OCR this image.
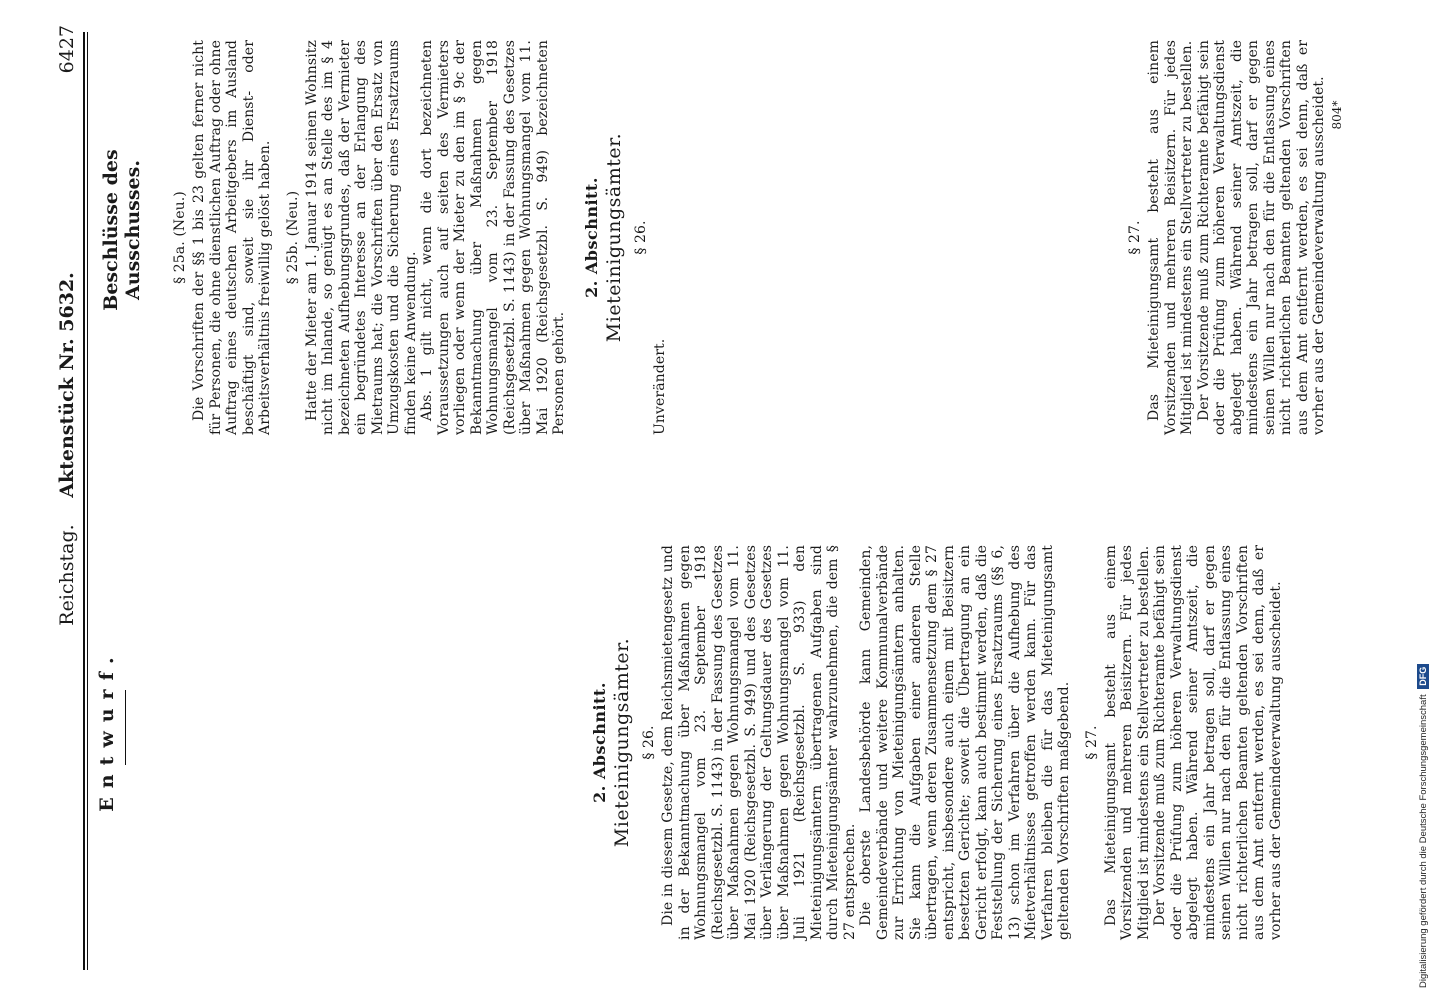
Entwurf.
Reichstag.
Aktenstück Nr. 5632.
6427
Beschlüsse des Ausschusses.
2. Abschnitt. Mieteinigungsämter. § 26. Die in diesem Gesetze, dem Reichsmietengesetz und in der Bekanntmachung über Maßnahmen gegen Wohnungsmangel vom 23. September 1918 (Reichsgesetzbl. S. 1143) in der Fassung des Gesetzes über Maßnahmen gegen Wohnungsmangel vom 11. Mai 1920 (Reichsgesetzbl. S. 949) und des Gesetzes über Verlängerung der Geltungsdauer des Gesetzes über Maßnahmen gegen Wohnungsmangel vom 11. Juli 1921 (Reichsgesetzbl. S. 933) den Mieteinigungsämtern übertragenen Aufgaben sind durch Mieteinigungsämter wahrzunehmen, die dem § 27 entsprechen. Die oberste Landesbehörde kann Gemeinden, Gemeindeverbände und weitere Kommunalverbände zur Errichtung von Mieteinigungsämtern anhalten. Sie kann die Aufgaben einer anderen Stelle übertragen, wenn deren Zusammensetzung dem § 27 entspricht, insbesondere auch einem mit Beisitzern besetzten Gerichte; soweit die Übertragung an ein Gericht erfolgt, kann auch bestimmt werden, daß die Feststellung der Sicherung eines Ersatzraums (§§ 6, 13) schon im Verfahren über die Aufhebung des Mietverhältnisses getroffen werden kann. Für das Verfahren bleiben die für das Mieteinigungsamt geltenden Vorschriften maßgebend. § 27. Das Mieteinigungsamt besteht aus einem Vorsitzenden und mehreren Beisitzern. Für jedes Mitglied ist mindestens ein Stellvertreter zu bestellen. Der Vorsitzende muß zum Richteramte befähigt sein oder die Prüfung zum höheren Verwaltungsdienst abgelegt haben. Während seiner Amtszeit, die mindestens ein Jahr betragen soll, darf er gegen seinen Willen nur nach den für die Entlassung eines nicht richterlichen Beamten geltenden Vorschriften aus dem Amt entfernt werden, es sei denn, daß er vorher aus der Gemeindeverwaltung ausscheidet.

§ 25a. (Neu.) Die Vorschriften der §§ 1 bis 23 gelten ferner nicht für Personen, die ohne dienstlichen Auftrag oder ohne Auftrag eines deutschen Arbeitgebers im Ausland beschäftigt sind, soweit sie ihr Dienst- oder Arbeitsverhältnis freiwillig gelöst haben. § 25b. (Neu.) Hatte der Mieter am 1. Januar 1914 seinen Wohnsitz nicht im Inlande, so genügt es an Stelle des im § 4 bezeichneten Aufhebungsgrundes, daß der Vermieter ein begründetes Interesse an der Erlangung des Mietraums hat; die Vorschriften über den Ersatz von Umzugskosten und die Sicherung eines Ersatzraums finden keine Anwendung. Abs. 1 gilt nicht, wenn die dort bezeichneten Voraussetzungen auch auf seiten des Vermieters vorliegen oder wenn der Mieter zu den im § 9c der Bekanntmachung über Maßnahmen gegen Wohnungsmangel vom 23. September 1918 (Reichsgesetzbl. S. 1143) in der Fassung des Gesetzes über Maßnahmen gegen Wohnungsmangel vom 11. Mai 1920 (Reichsgesetzbl. S. 949) bezeichneten Personen gehört.

2. Abschnitt. Mieteinigungsämter. § 26.

Unverändert.

§ 27. Das Mieteinigungsamt besteht aus einem Vorsitzenden und mehreren Beisitzern. Für jedes Mitglied ist mindestens ein Stellvertreter zu bestellen. Der Vorsitzende muß zum Richteramte befähigt sein oder die Prüfung zum höheren Verwaltungsdienst abgelegt haben. Während seiner Amtszeit, die mindestens ein Jahr betragen soll, darf er gegen seinen Willen nur nach den für die Entlassung eines nicht richterlichen Beamten geltenden Vorschriften aus dem Amt entfernt werden, es sei denn, daß er vorher aus der Gemeindeverwaltung ausscheidet. 804*
Digitalisierung gefördert durch die Deutsche Forschungsgemeinschaft DFG
